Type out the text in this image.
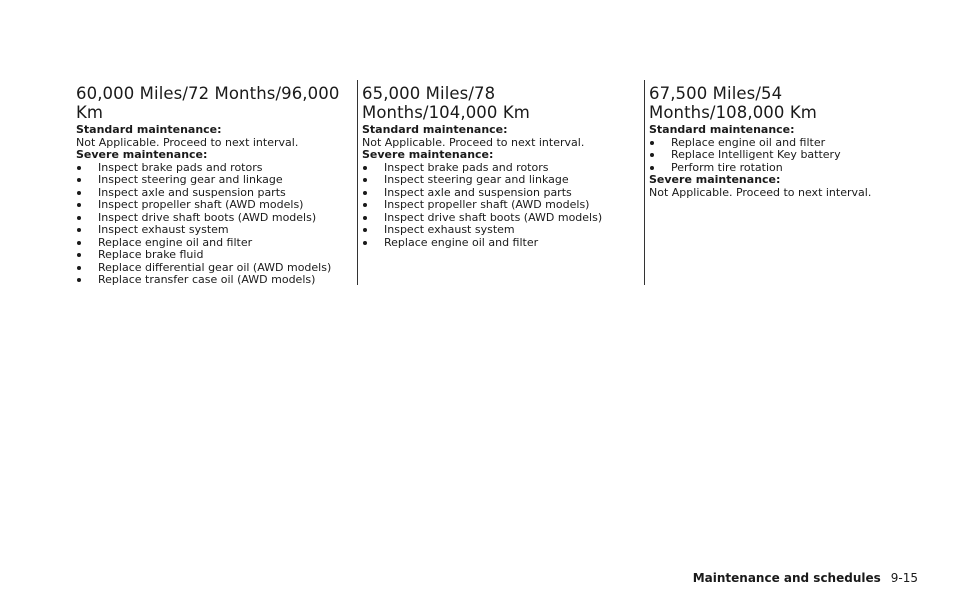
60,000 Miles/72 Months/96,000 Km

Standard maintenance:

Not Applicable. Proceed to next interval.

Severe maintenance:

Inspect brake pads and rotors
Inspect steering gear and linkage
Inspect axle and suspension parts
Inspect propeller shaft (AWD models)
Inspect drive shaft boots (AWD models)
Inspect exhaust system
Replace engine oil and filter
Replace brake fluid
Replace differential gear oil (AWD models)
Replace transfer case oil (AWD models)
65,000 Miles/78 Months/104,000 Km

Standard maintenance:

Not Applicable. Proceed to next interval.

Severe maintenance:

Inspect brake pads and rotors
Inspect steering gear and linkage
Inspect axle and suspension parts
Inspect propeller shaft (AWD models)
Inspect drive shaft boots (AWD models)
Inspect exhaust system
Replace engine oil and filter
67,500 Miles/54 Months/108,000 Km

Standard maintenance:

Replace engine oil and filter
Replace Intelligent Key battery
Perform tire rotation

Severe maintenance:

Not Applicable. Proceed to next interval.

Maintenance and schedules 9-15
